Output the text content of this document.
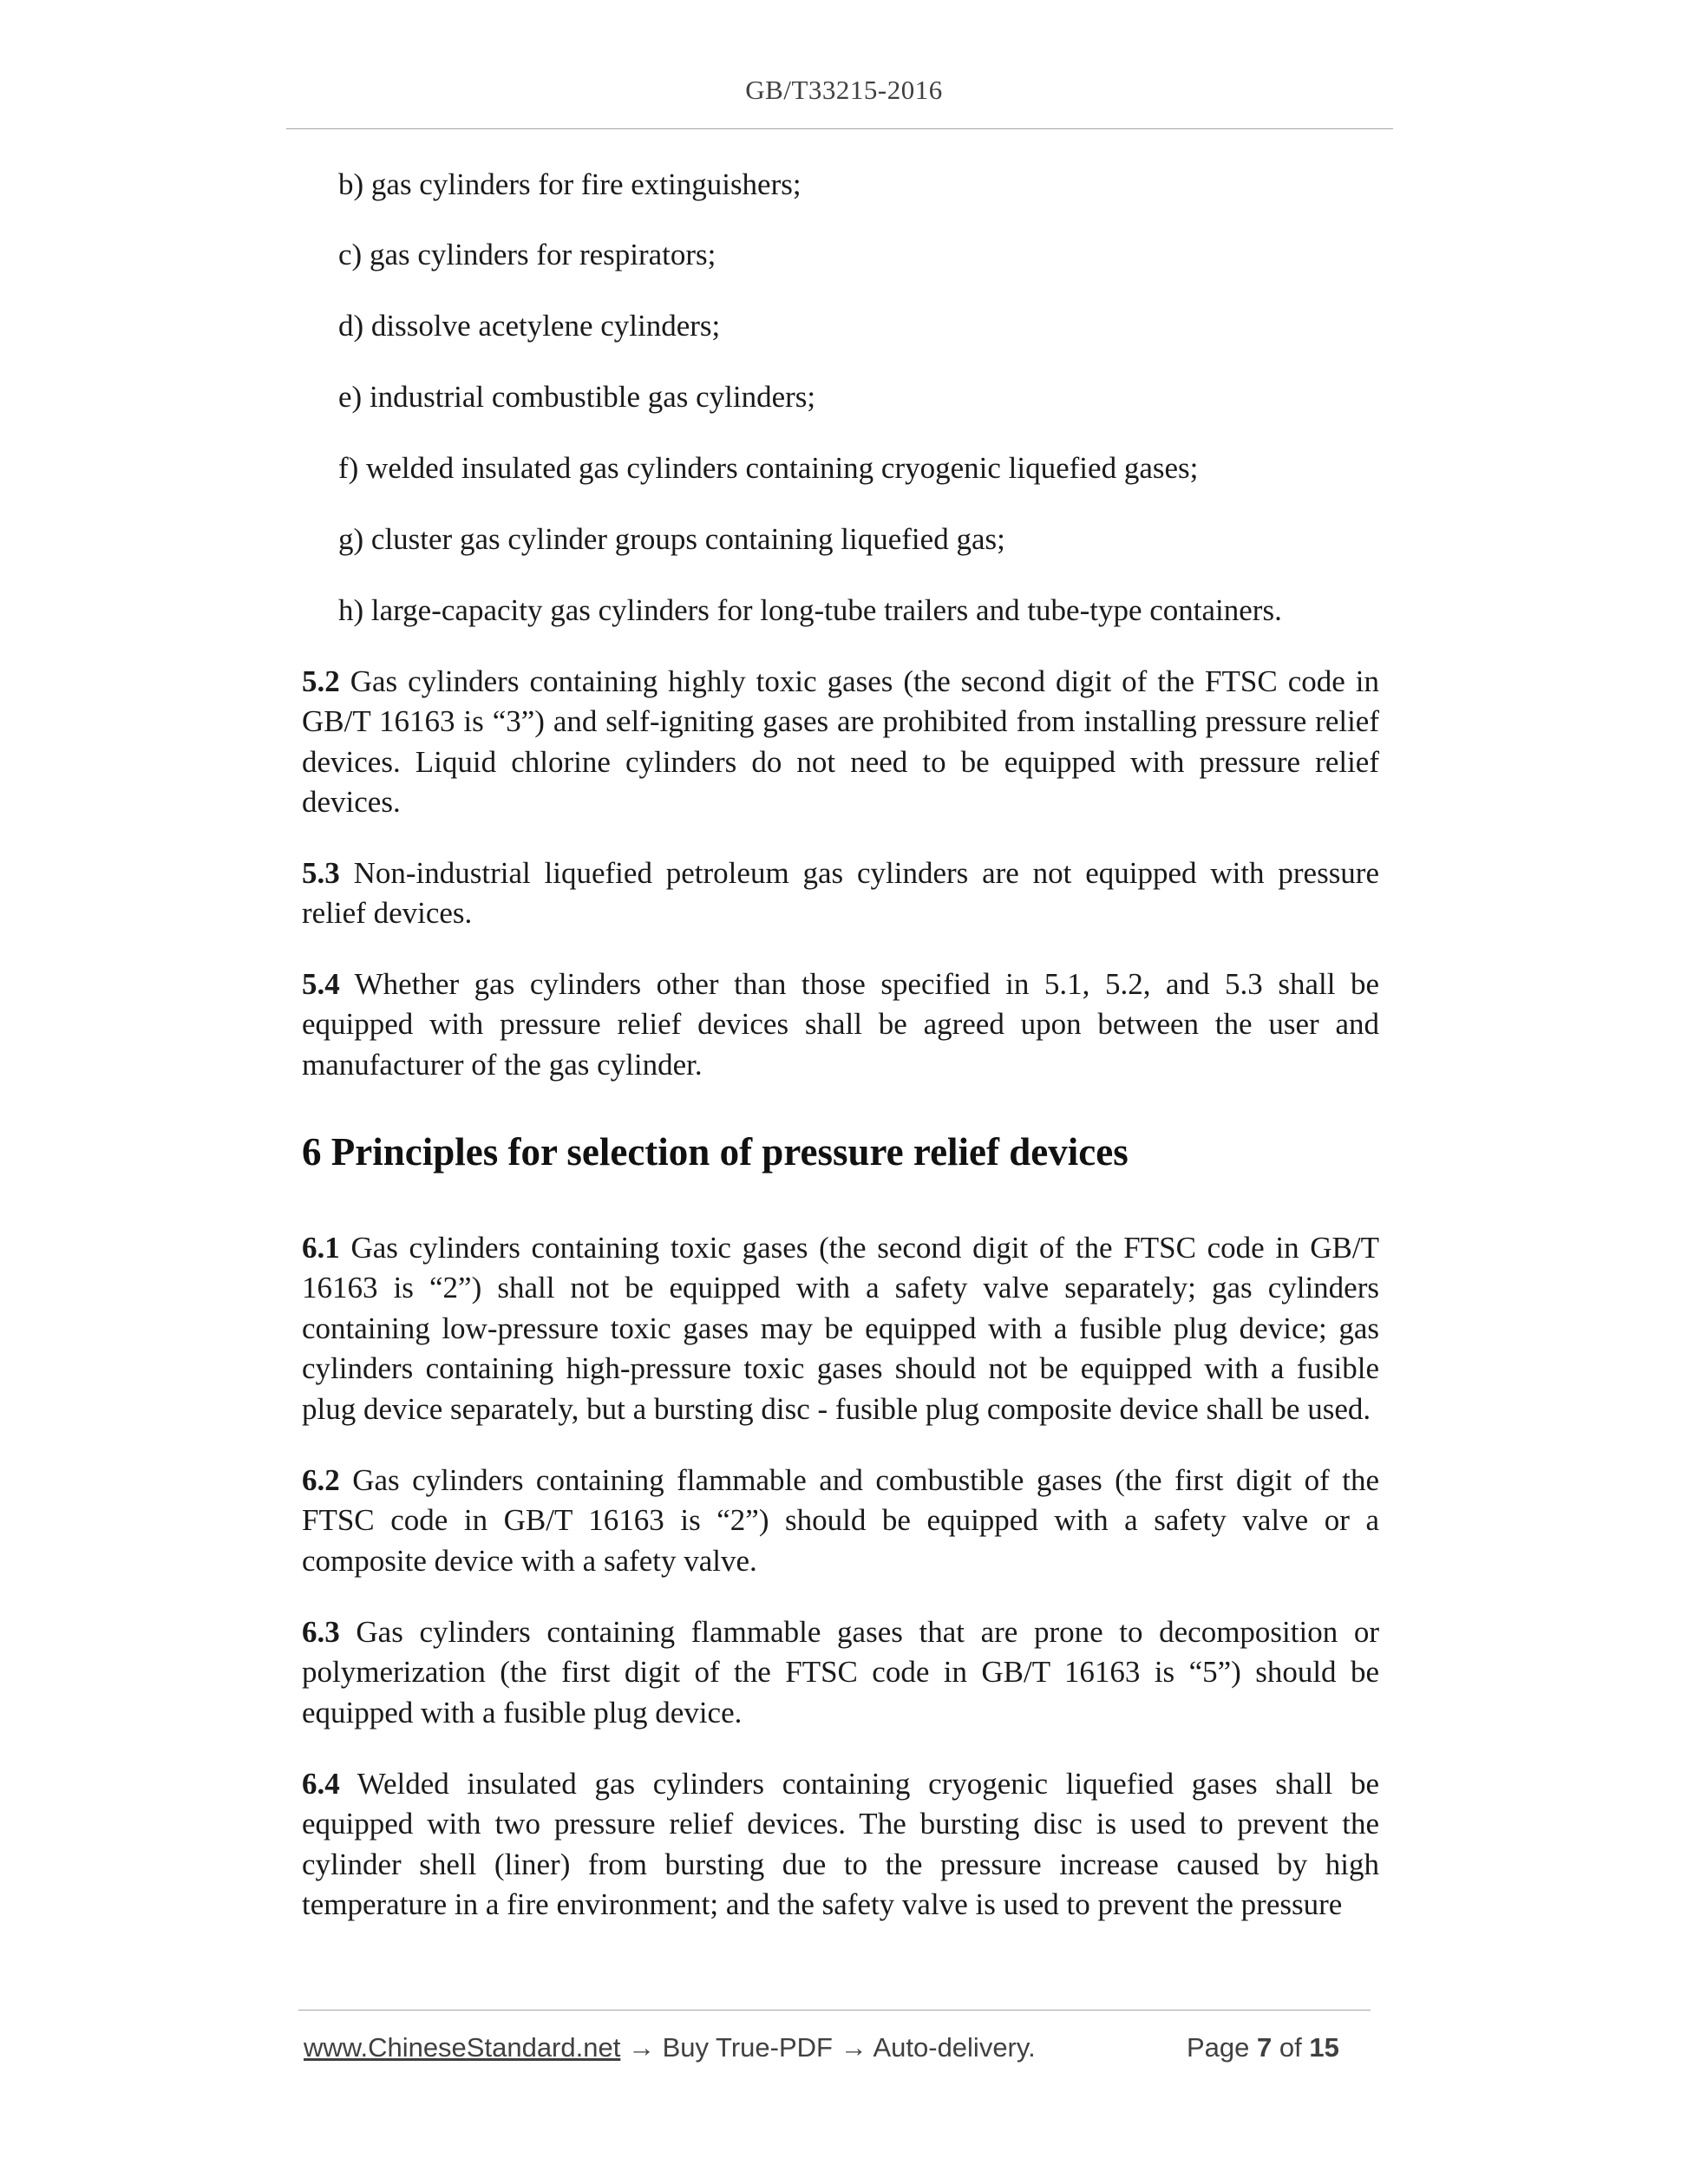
GB/T33215-2016
b) gas cylinders for fire extinguishers;
c) gas cylinders for respirators;
d) dissolve acetylene cylinders;
e) industrial combustible gas cylinders;
f) welded insulated gas cylinders containing cryogenic liquefied gases;
g) cluster gas cylinder groups containing liquefied gas;
h) large-capacity gas cylinders for long-tube trailers and tube-type containers.

5.2 Gas cylinders containing highly toxic gases (the second digit of the FTSC code in GB/T 16163 is “3”) and self-igniting gases are prohibited from installing pressure relief devices. Liquid chlorine cylinders do not need to be equipped with pressure relief devices.

5.3 Non-industrial liquefied petroleum gas cylinders are not equipped with pressure relief devices.

5.4 Whether gas cylinders other than those specified in 5.1, 5.2, and 5.3 shall be equipped with pressure relief devices shall be agreed upon between the user and manufacturer of the gas cylinder.

6 Principles for selection of pressure relief devices

6.1 Gas cylinders containing toxic gases (the second digit of the FTSC code in GB/T 16163 is “2”) shall not be equipped with a safety valve separately; gas cylinders containing low-pressure toxic gases may be equipped with a fusible plug device; gas cylinders containing high-pressure toxic gases should not be equipped with a fusible plug device separately, but a bursting disc - fusible plug composite device shall be used.

6.2 Gas cylinders containing flammable and combustible gases (the first digit of the FTSC code in GB/T 16163 is “2”) should be equipped with a safety valve or a composite device with a safety valve.

6.3 Gas cylinders containing flammable gases that are prone to decomposition or polymerization (the first digit of the FTSC code in GB/T 16163 is “5”) should be equipped with a fusible plug device.

6.4 Welded insulated gas cylinders containing cryogenic liquefied gases shall be equipped with two pressure relief devices. The bursting disc is used to prevent the cylinder shell (liner) from bursting due to the pressure increase caused by high temperature in a fire environment; and the safety valve is used to prevent the pressure

www.ChineseStandard.net → Buy True-PDF → Auto-delivery.	Page 7 of 15
